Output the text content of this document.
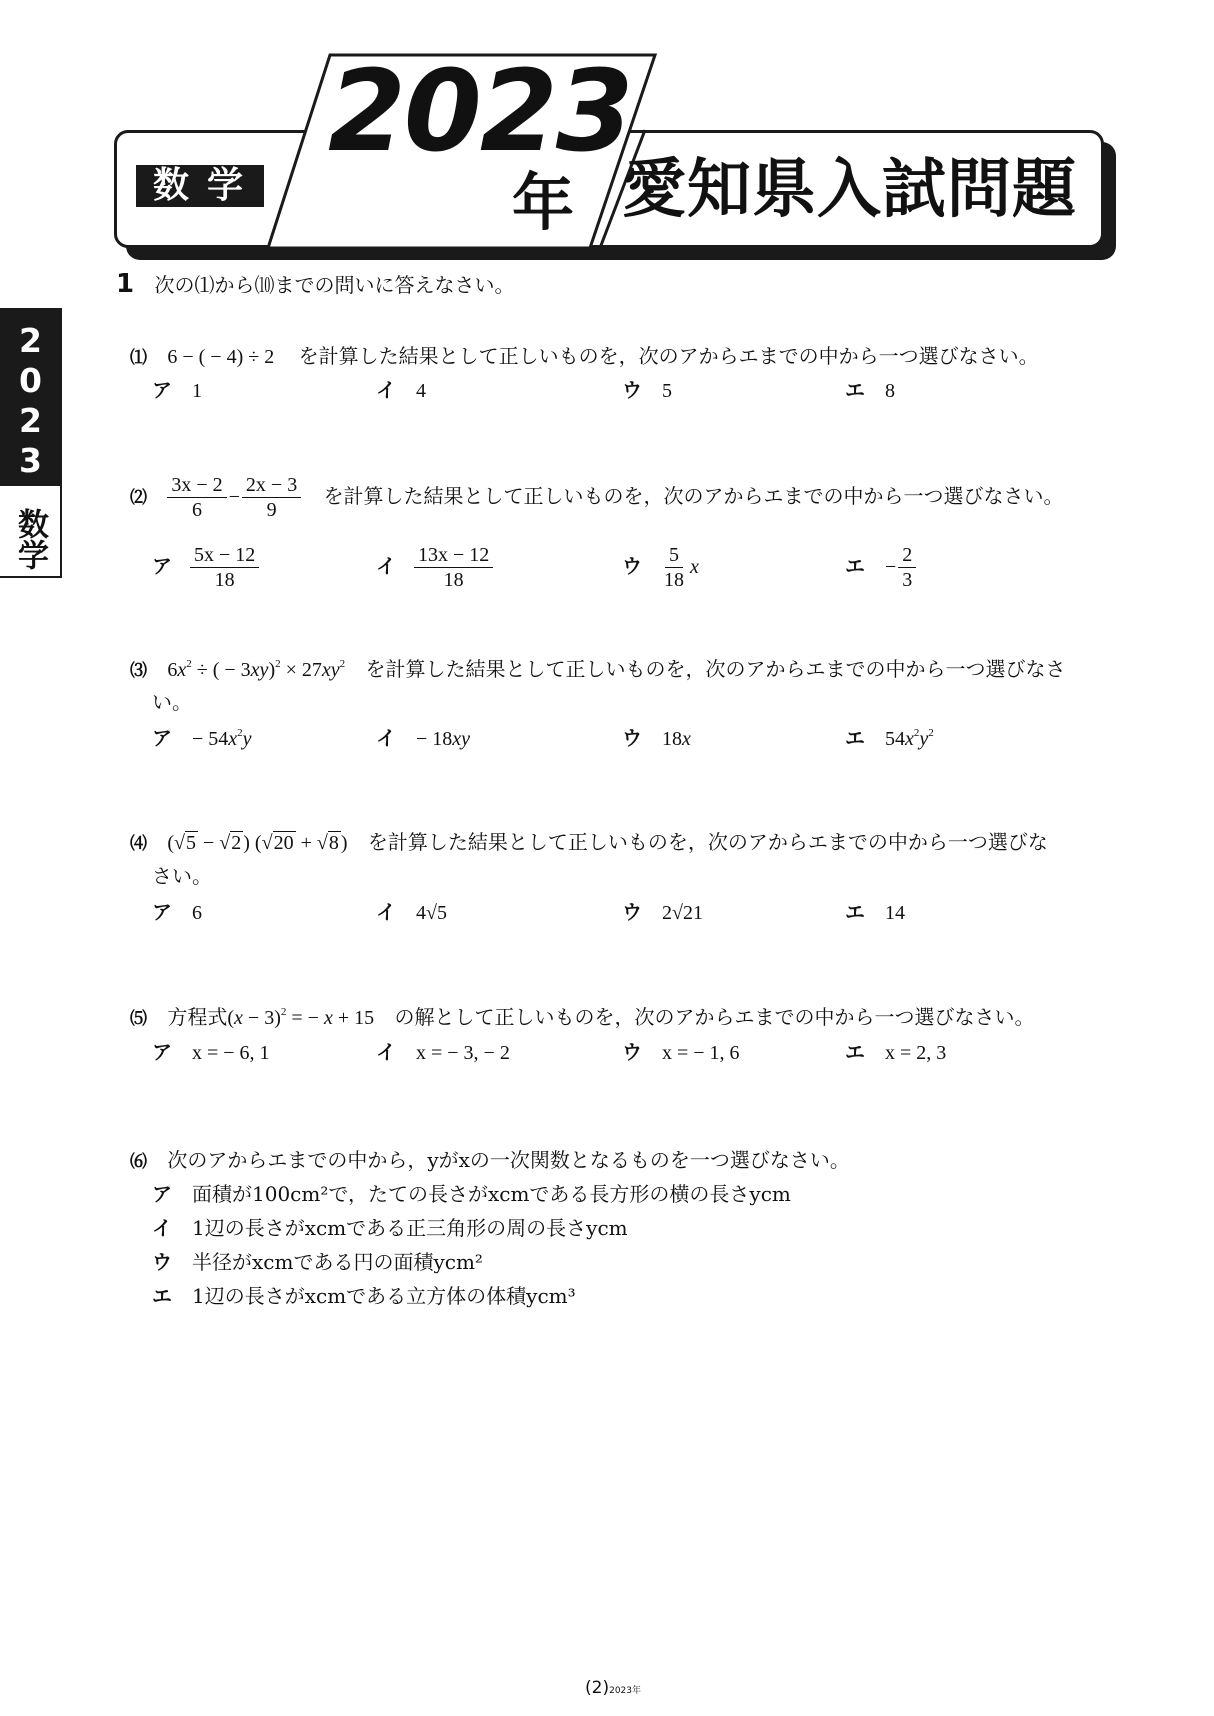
数学
2023
年 愛知県入試問題
2023
数学
1 次の⑴から⑽までの問いに答えなさい。
⑴ 6 − ( − 4) ÷ 2 を計算した結果として正しいものを，次のアからエまでの中から一つ選びなさい。
ア 1	イ 4	ウ 5	エ 8
⑵ $\frac{3x - 2}{6} - \frac{2x - 3}{9}$ を計算した結果として正しいものを，次のアからエまでの中から一つ選びなさい。
ア $\frac{5x - 12}{18}$	イ $\frac{13x - 12}{18}$	ウ $\frac{5}{18}$ x	エ − $\frac{2}{3}$
⑶ $6x^2$ ÷ ( − $3xy)^2 \times 27xy^2$ を計算した結果として正しいものを，次のアからエまでの中から一つ選びなさ
い。
ア − $54x^2y$	イ − 18xy	ウ 18x	エ $54x^2y^2$
⑷ (√5 − √2 ) (√20 + √8 ) を計算した結果として正しいものを，次のアからエまでの中から一つ選びな
さい。
ア 6	イ 4√5	ウ 2√21	エ 14
⑸ 方程式$(x - 3)^2$ = − x + 15 の解として正しいものを，次のアからエまでの中から一つ選びなさい。
ア x = − 6, 1	イ x = − 3, − 2	ウ x = − 1, 6	エ x = 2, 3
⑹ 次のアからエまでの中から，yがxの一次関数となるものを一つ選びなさい。
ア 面積が100cm²で，たての長さがxcmである長方形の横の長さycm
イ 1辺の長さがxcmである正三角形の周の長さycm
ウ 半径がxcmである円の面積ycm²
エ 1辺の長さがxcmである立方体の体積ycm³
(2)2023年
